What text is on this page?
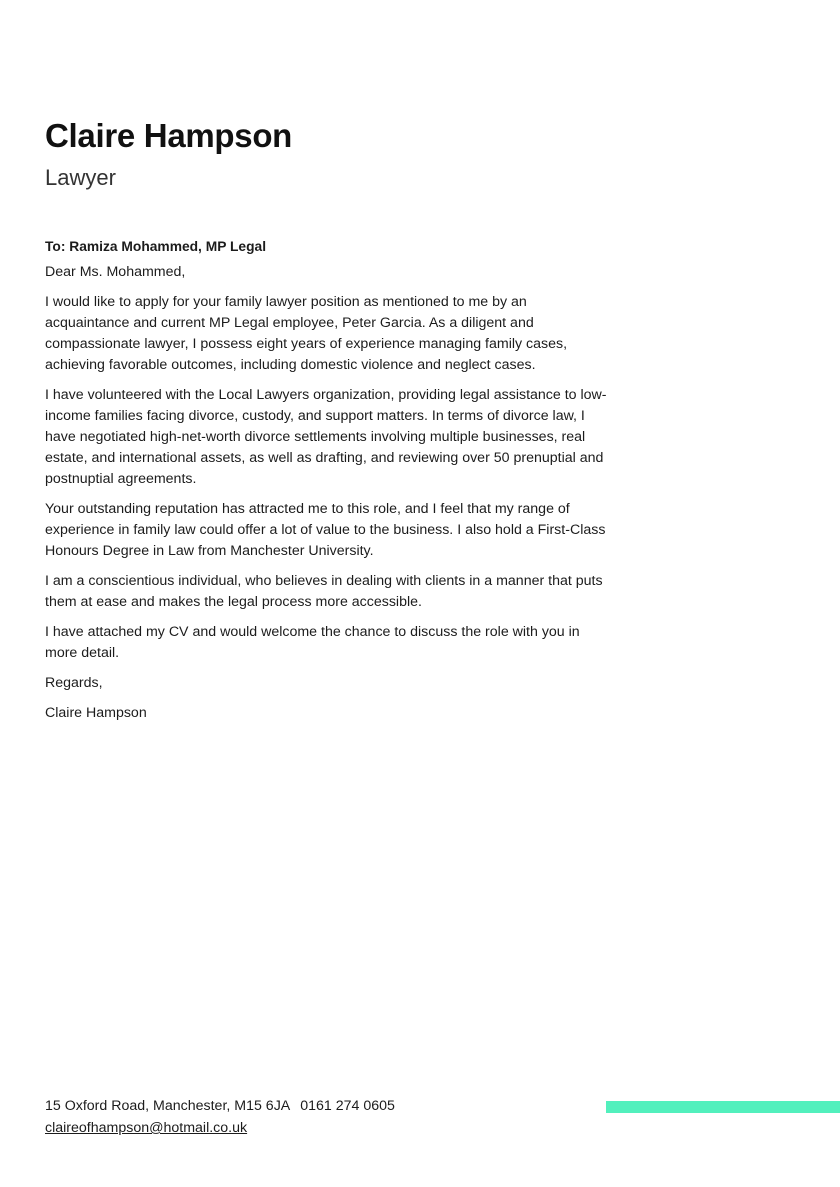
Claire Hampson
Lawyer

To: Ramiza Mohammed, MP Legal

Dear Ms. Mohammed,

I would like to apply for your family lawyer position as mentioned to me by an acquaintance and current MP Legal employee, Peter Garcia. As a diligent and compassionate lawyer, I possess eight years of experience managing family cases, achieving favorable outcomes, including domestic violence and neglect cases.

I have volunteered with the Local Lawyers organization, providing legal assistance to low-income families facing divorce, custody, and support matters. In terms of divorce law, I have negotiated high-net-worth divorce settlements involving multiple businesses, real estate, and international assets, as well as drafting, and reviewing over 50 prenuptial and postnuptial agreements.

Your outstanding reputation has attracted me to this role, and I feel that my range of experience in family law could offer a lot of value to the business. I also hold a First-Class Honours Degree in Law from Manchester University.

I am a conscientious individual, who believes in dealing with clients in a manner that puts them at ease and makes the legal process more accessible.

I have attached my CV and would welcome the chance to discuss the role with you in more detail.

Regards,

Claire Hampson

15 Oxford Road, Manchester, M15 6JA 0161 274 0605
claireofhampson@hotmail.co.uk
